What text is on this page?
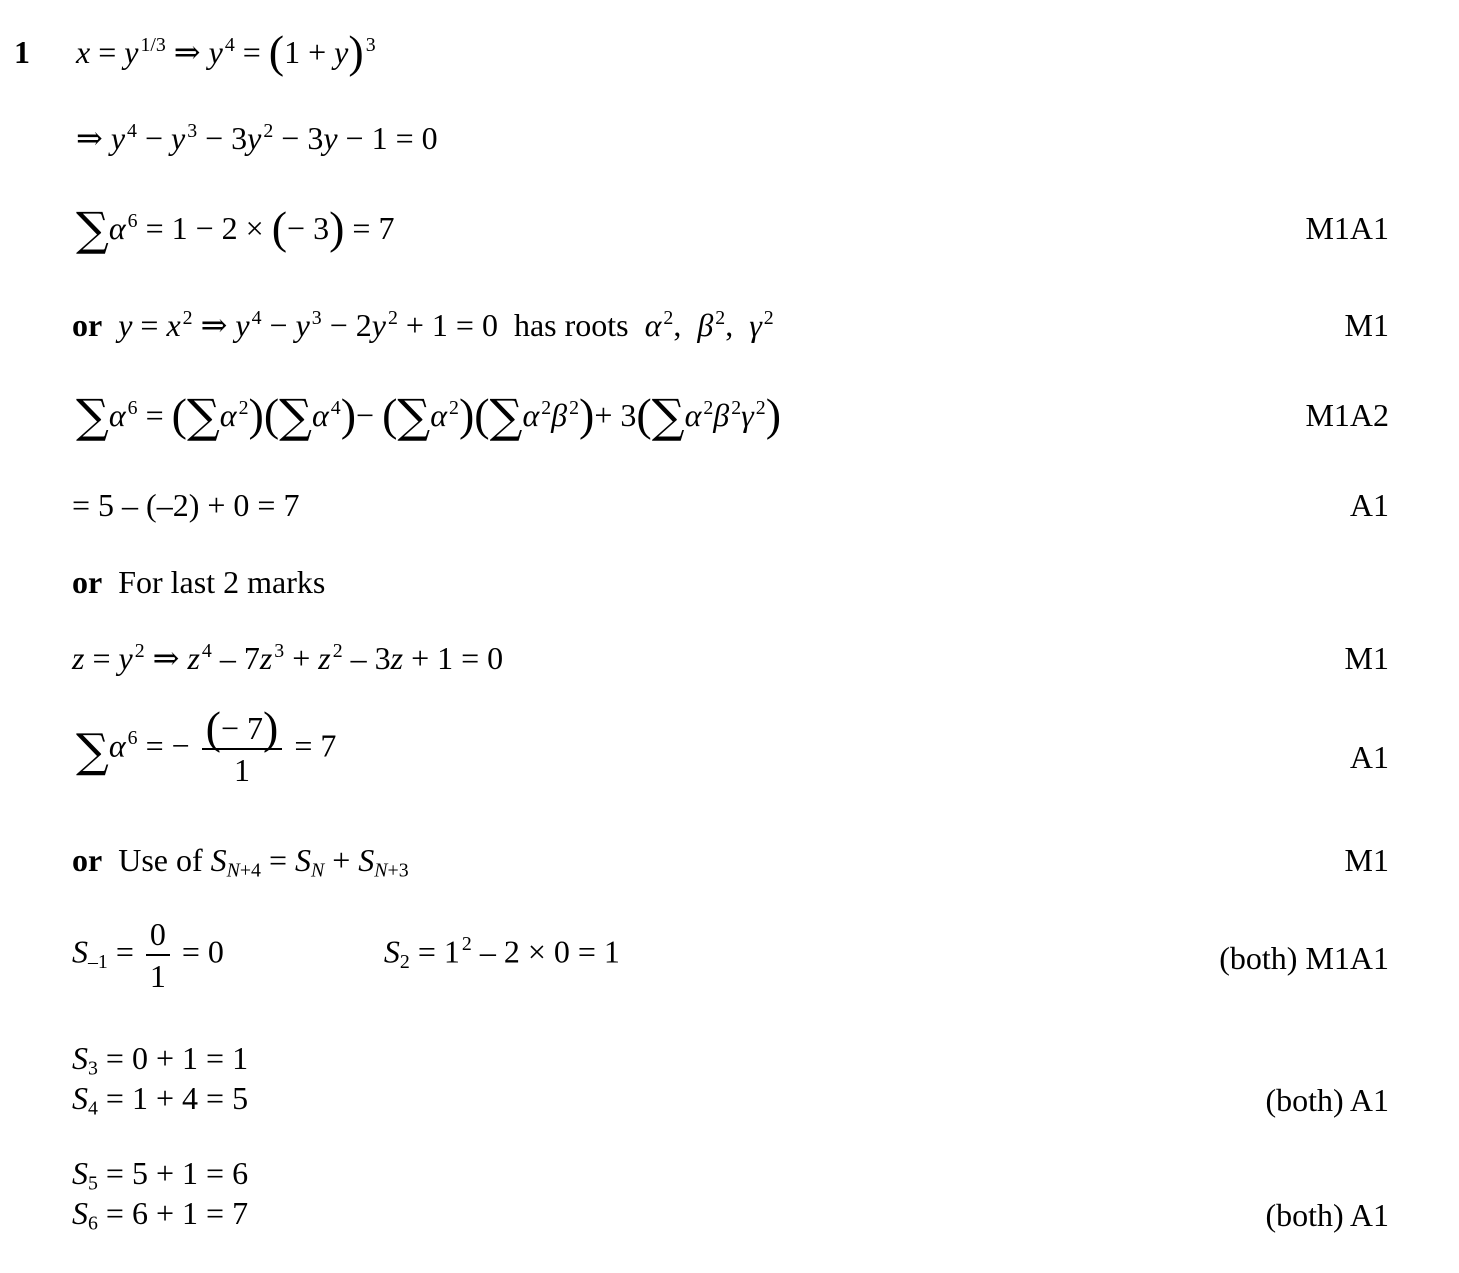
1 x = y $^{1/3}$ ⇒ y $^4$ = (1 + y) $^3$
⇒ y $^4$ − y $^3$ − 3y $^2$ − 3y − 1 = 0
∑α $^6$ = 1 − 2 × (− 3) = 7	M1A1
or y = x $^2$ ⇒ y $^4$ − y $^3$ − 2y $^2$ + 1 = 0  has roots α $^2$,  β $^2$,  γ $^2$	M1
∑α $^6$ = (∑α $^2$)(∑α $^4$)− (∑α $^2$)(∑α $^2$β $^2$)+ 3(∑α $^2$β $^2$γ $^2$)	M1A2
= 5 – (–2) + 0 = 7	A1
or For last 2 marks
z = y $^2$ ⇒ z $^4$ – 7z $^3$ + z $^2$ – 3z + 1 = 0	M1
∑α $^6$ = − $\frac{(- 7)}{1} = 7$	A1
or Use of $S_{N+4} = S_N + S_{N+3}$	M1
$S_{-1} = \frac{0}{1} = 0$	$S_2 = 1$ $^2$ – 2 × 0 = 1	(both) M1A1
$S_3 = 0 + 1 = 1$
$S_4 = 1 + 4 = 5$	(both) A1
$S_5 = 5 + 1 = 6$
$S_6 = 6 + 1 = 7$	(both) A1
